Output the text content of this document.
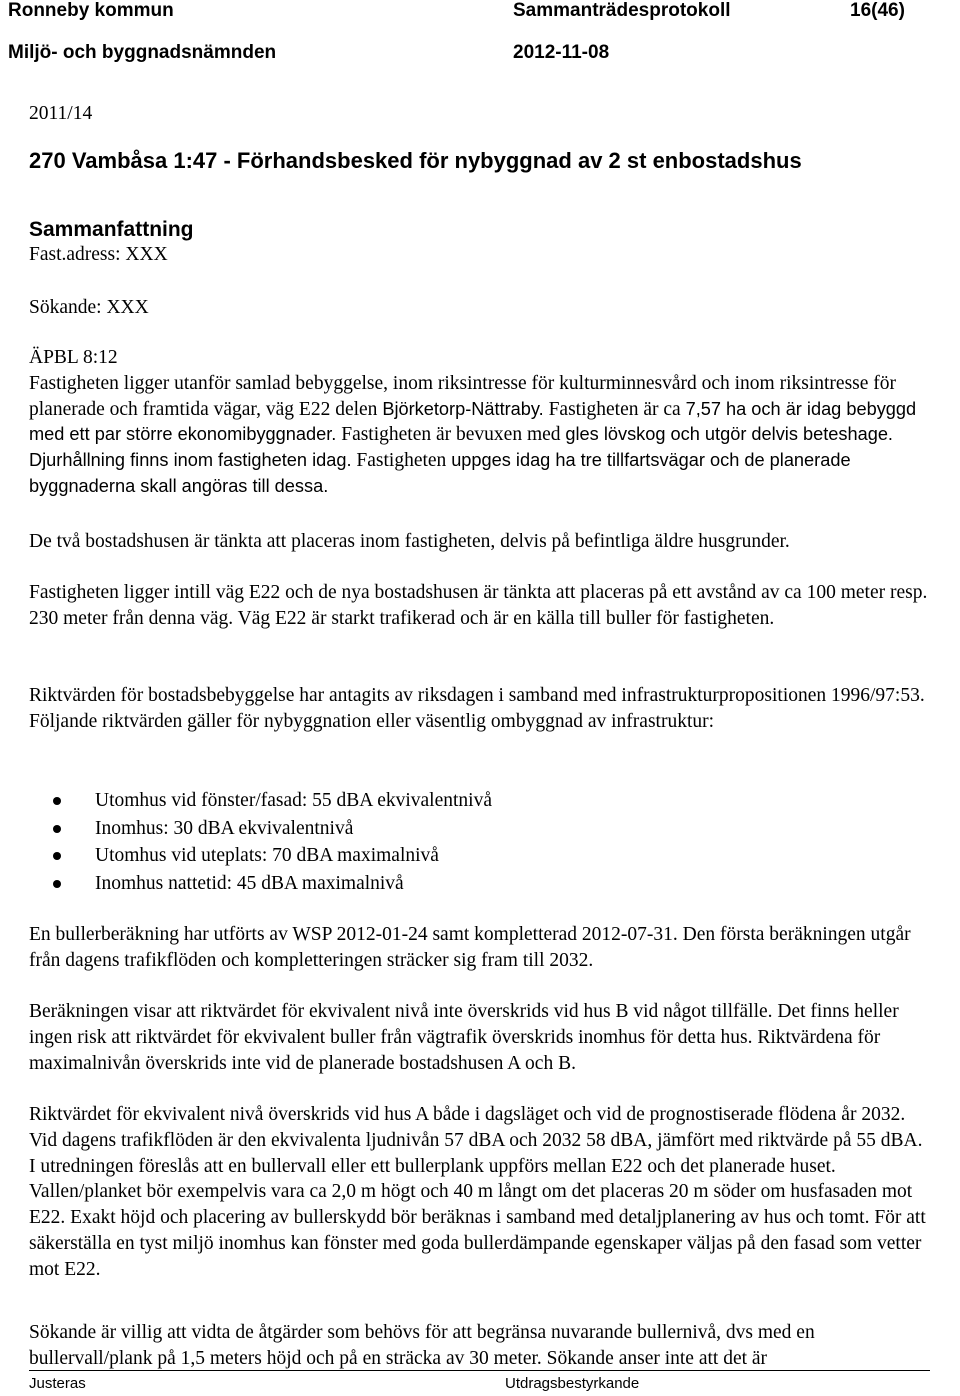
Ronneby kommun	Sammanträdesprotokoll	16(46)
Miljö- och byggnadsnämnden	2012-11-08

2011/14

270 Vambåsa 1:47 - Förhandsbesked för nybyggnad av 2 st enbostadshus
Sammanfattning

Fast.adress: XXX

Sökande: XXX

ÄPBL 8:12

Fastigheten ligger utanför samlad bebyggelse, inom riksintresse för kulturminnesvård och inom riksintresse för planerade och framtida vägar, väg E22 delen Björketorp-Nättraby. Fastigheten är ca 7,57 ha och är idag bebyggd med ett par större ekonomibyggnader. Fastigheten är bevuxen med gles lövskog och utgör delvis beteshage. Djurhållning finns inom fastigheten idag. Fastigheten uppges idag ha tre tillfartsvägar och de planerade byggnaderna skall angöras till dessa.

De två bostadshusen är tänkta att placeras inom fastigheten, delvis på befintliga äldre husgrunder.

Fastigheten ligger intill väg E22 och de nya bostadshusen är tänkta att placeras på ett avstånd av ca 100 meter resp. 230 meter från denna väg. Väg E22 är starkt trafikerad och är en källa till buller för fastigheten.

Riktvärden för bostadsbebyggelse har antagits av riksdagen i samband med infrastrukturpropositionen 1996/97:53. Följande riktvärden gäller för nybyggnation eller väsentlig ombyggnad av infrastruktur:

Utomhus vid fönster/fasad: 55 dBA ekvivalentnivå
Inomhus: 30 dBA ekvivalentnivå
Utomhus vid uteplats: 70 dBA maximalnivå
Inomhus nattetid: 45 dBA maximalnivå

En bullerberäkning har utförts av WSP 2012-01-24 samt kompletterad 2012-07-31. Den första beräkningen utgår från dagens trafikflöden och kompletteringen sträcker sig fram till 2032.

Beräkningen visar att riktvärdet för ekvivalent nivå inte överskrids vid hus B vid något tillfälle. Det finns heller ingen risk att riktvärdet för ekvivalent buller från vägtrafik överskrids inomhus för detta hus. Riktvärdena för maximalnivån överskrids inte vid de planerade bostadshusen A och B.

Riktvärdet för ekvivalent nivå överskrids vid hus A både i dagsläget och vid de prognostiserade flödena år 2032. Vid dagens trafikflöden är den ekvivalenta ljudnivån 57 dBA och 2032 58 dBA, jämfört med riktvärde på 55 dBA. I utredningen föreslås att en bullervall eller ett bullerplank uppförs mellan E22 och det planerade huset. Vallen/planket bör exempelvis vara ca 2,0 m högt och 40 m långt om det placeras 20 m söder om husfasaden mot E22. Exakt höjd och placering av bullerskydd bör beräknas i samband med detaljplanering av hus och tomt. För att säkerställa en tyst miljö inomhus kan fönster med goda bullerdämpande egenskaper väljas på den fasad som vetter mot E22.

Sökande är villig att vidta de åtgärder som behövs för att begränsa nuvarande bullernivå, dvs med en bullervall/plank på 1,5 meters höjd och på en sträcka av 30 meter. Sökande anser inte att det är

Justeras	Utdragsbestyrkande
